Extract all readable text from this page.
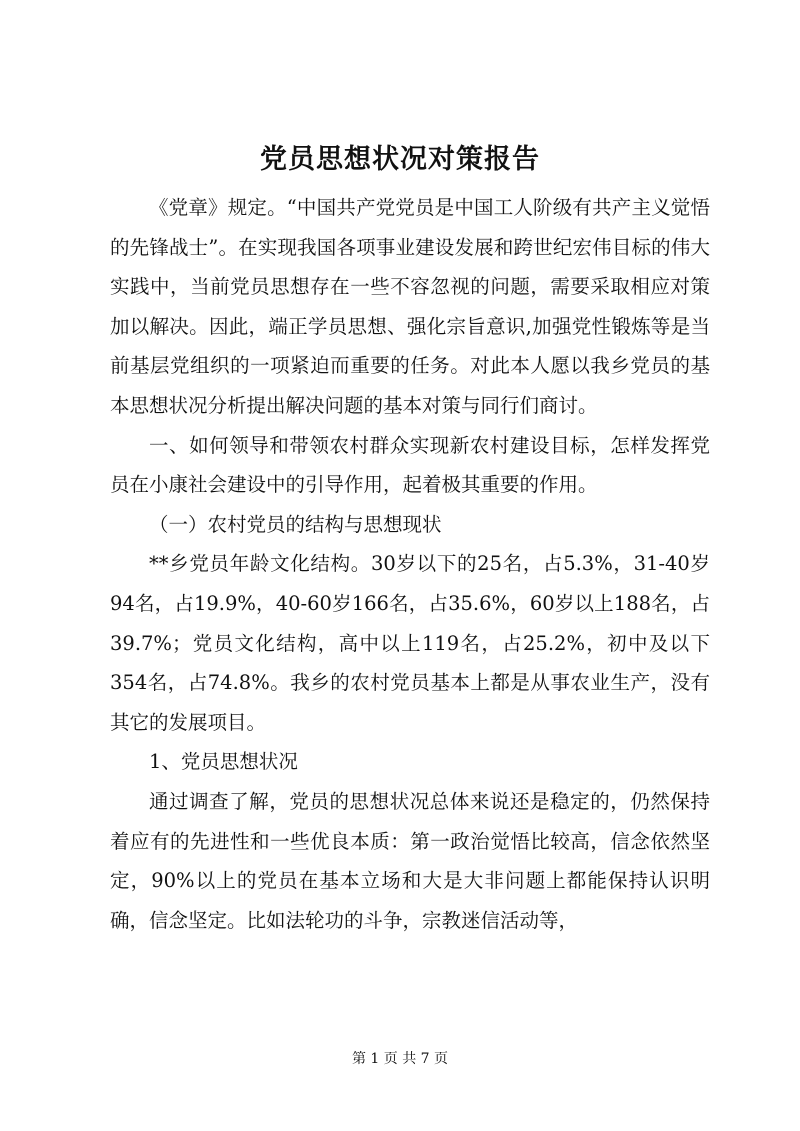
党员思想状况对策报告

《党章》规定。“中国共产党党员是中国工人阶级有共产主义觉悟的先锋战士”。在实现我国各项事业建设发展和跨世纪宏伟目标的伟大实践中，当前党员思想存在一些不容忽视的问题，需要采取相应对策加以解决。因此，端正学员思想、强化宗旨意识,加强党性锻炼等是当前基层党组织的一项紧迫而重要的任务。对此本人愿以我乡党员的基本思想状况分析提出解决问题的基本对策与同行们商讨。

一、如何领导和带领农村群众实现新农村建设目标，怎样发挥党员在小康社会建设中的引导作用，起着极其重要的作用。

（一）农村党员的结构与思想现状

**乡党员年龄文化结构。30岁以下的25名，占5.3%，31-40岁94名，占19.9%，40-60岁166名，占35.6%，60岁以上188名，占39.7%；党员文化结构，高中以上119名，占25.2%，初中及以下354名，占74.8%。我乡的农村党员基本上都是从事农业生产，没有其它的发展项目。

1、党员思想状况

通过调查了解，党员的思想状况总体来说还是稳定的，仍然保持着应有的先进性和一些优良本质：第一政治觉悟比较高，信念依然坚定，90%以上的党员在基本立场和大是大非问题上都能保持认识明确，信念坚定。比如法轮功的斗争，宗教迷信活动等，

第 1 页 共 7 页
